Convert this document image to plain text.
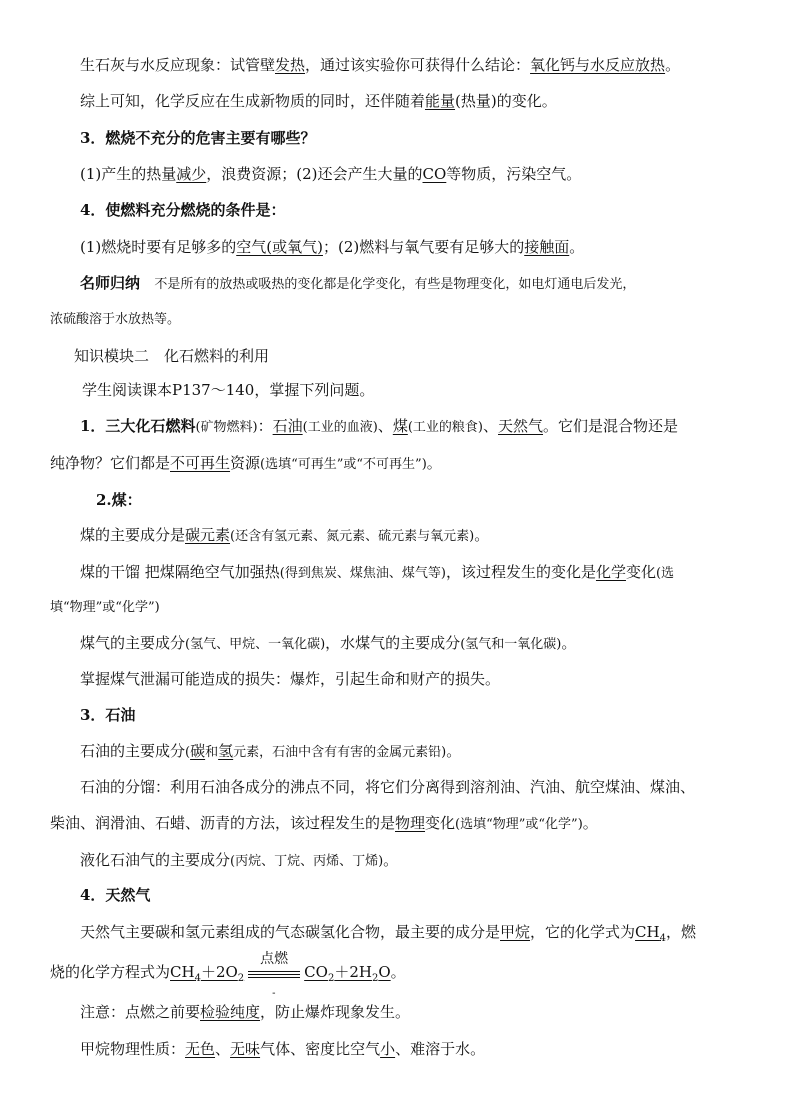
生石灰与水反应现象：试管壁发热，通过该实验你可获得什么结论：氧化钙与水反应放热。
综上可知，化学反应在生成新物质的同时，还伴随着能量(热量)的变化。
3．燃烧不充分的危害主要有哪些？
(1)产生的热量减少，浪费资源；(2)还会产生大量的CO等物质，污染空气。
4．使燃料充分燃烧的条件是：
(1)燃烧时要有足够多的空气(或氧气)；(2)燃料与氧气要有足够大的接触面。
名师归纳 不是所有的放热或吸热的变化都是化学变化，有些是物理变化，如电灯通电后发光，
浓硫酸溶于水放热等。
知识模块二　化石燃料的利用
学生阅读课本P137～140，掌握下列问题。
1．三大化石燃料(矿物燃料)：石油(工业的血液)、煤(工业的粮食)、天然气。它们是混合物还是
纯净物？它们都是不可再生资源(选填“可再生”或“不可再生”)。
2.煤：
煤的主要成分是碳元素(还含有氢元素、氮元素、硫元素与氧元素)。
煤的干馏 把煤隔绝空气加强热(得到焦炭、煤焦油、煤气等)，该过程发生的变化是化学变化(选
填“物理”或“化学”)
煤气的主要成分(氢气、甲烷、一氧化碳)，水煤气的主要成分(氢气和一氧化碳)。
掌握煤气泄漏可能造成的损失：爆炸，引起生命和财产的损失。
3．石油
石油的主要成分(碳和氢元素，石油中含有有害的金属元素铅)。
石油的分馏：利用石油各成分的沸点不同，将它们分离得到溶剂油、汽油、航空煤油、煤油、
柴油、润滑油、石蜡、沥青的方法，该过程发生的是物理变化(选填“物理”或“化学”)。
液化石油气的主要成分(丙烷、丁烷、丙烯、丁烯)。
4．天然气
天然气主要碳和氢元素组成的气态碳氢化合物，最主要的成分是甲烷，它的化学式为$CH_4$，燃
烧的化学方程式为$CH_4+2O_2$
点燃
-
$CO_2+2H_2O$。
注意：点燃之前要检验纯度，防止爆炸现象发生。
甲烷物理性质：无色、无味气体、密度比空气小、难溶于水。
